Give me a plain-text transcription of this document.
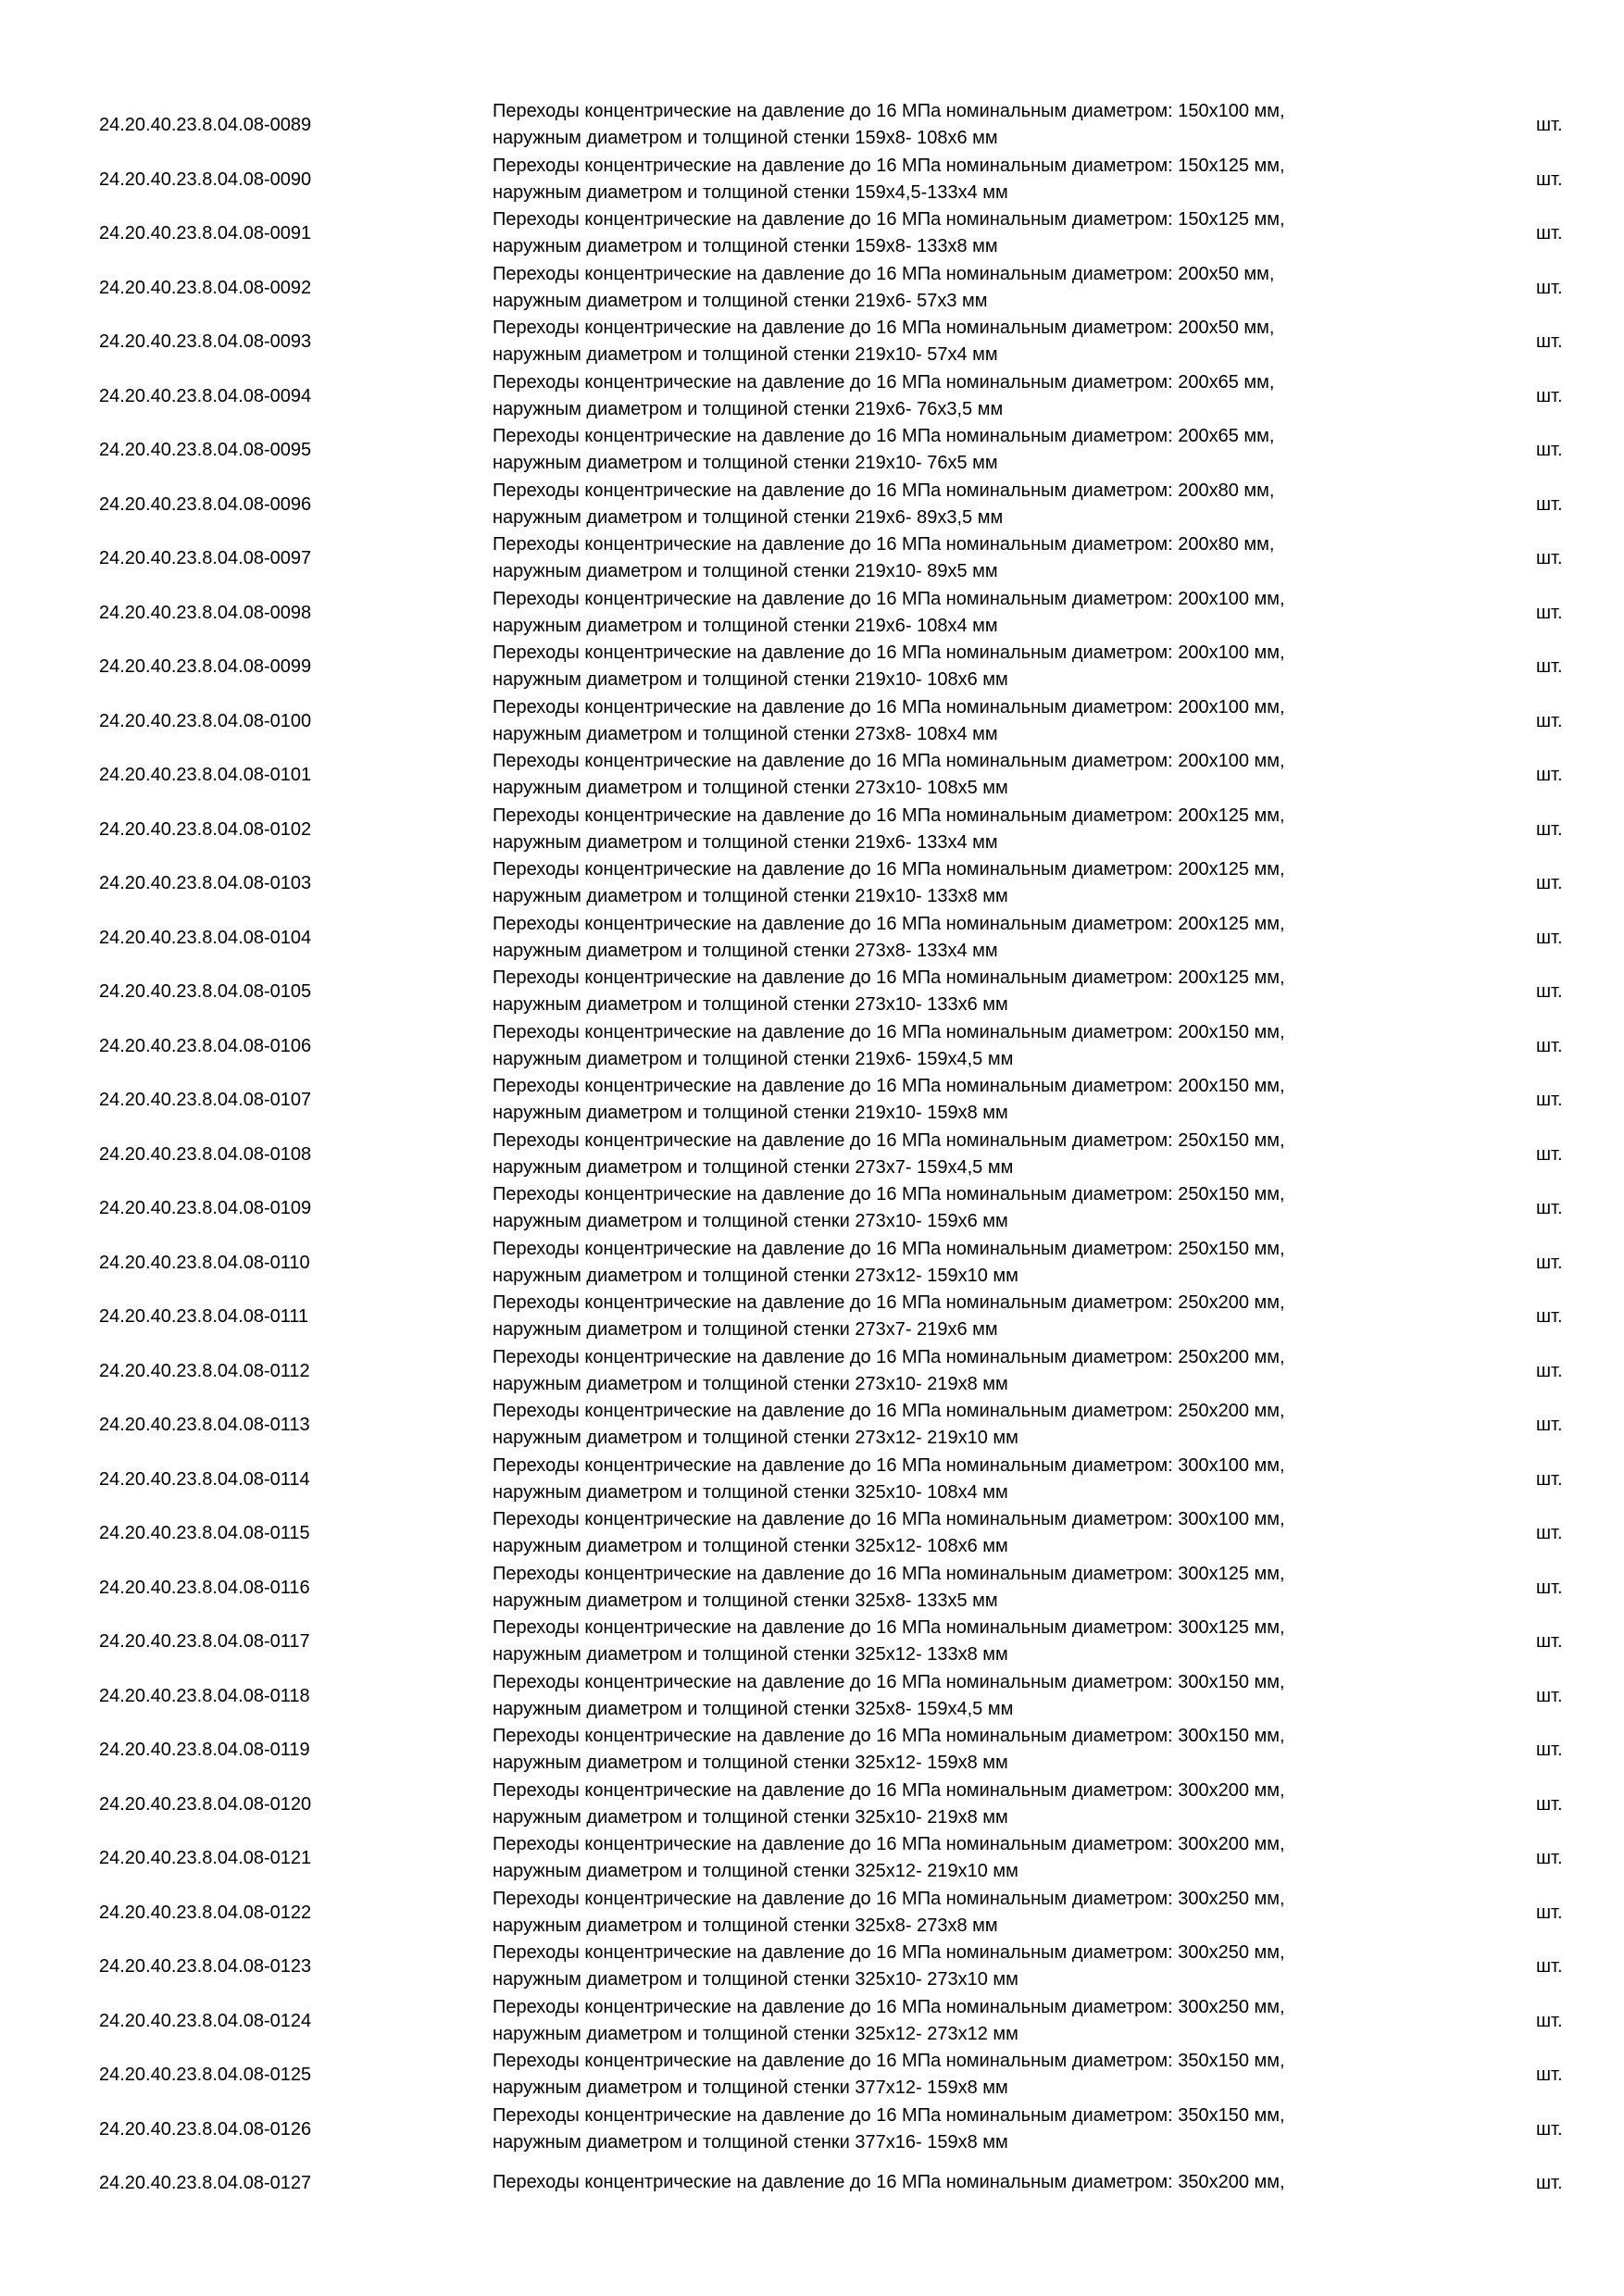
24.20.40.23.8.04.08-0089
Переходы концентрические на давление до 16 МПа номинальным диаметром: 150х100 мм,
наружным диаметром и толщиной стенки 159х8- 108х6 мм
шт.
24.20.40.23.8.04.08-0090
Переходы концентрические на давление до 16 МПа номинальным диаметром: 150х125 мм,
наружным диаметром и толщиной стенки 159х4,5-133х4 мм
шт.
24.20.40.23.8.04.08-0091
Переходы концентрические на давление до 16 МПа номинальным диаметром: 150х125 мм,
наружным диаметром и толщиной стенки 159х8- 133х8 мм
шт.
24.20.40.23.8.04.08-0092
Переходы концентрические на давление до 16 МПа номинальным диаметром: 200х50 мм,
наружным диаметром и толщиной стенки 219х6- 57х3 мм
шт.
24.20.40.23.8.04.08-0093
Переходы концентрические на давление до 16 МПа номинальным диаметром: 200х50 мм,
наружным диаметром и толщиной стенки 219х10- 57х4 мм
шт.
24.20.40.23.8.04.08-0094
Переходы концентрические на давление до 16 МПа номинальным диаметром: 200х65 мм,
наружным диаметром и толщиной стенки 219х6- 76х3,5 мм
шт.
24.20.40.23.8.04.08-0095
Переходы концентрические на давление до 16 МПа номинальным диаметром: 200х65 мм,
наружным диаметром и толщиной стенки 219х10- 76х5 мм
шт.
24.20.40.23.8.04.08-0096
Переходы концентрические на давление до 16 МПа номинальным диаметром: 200х80 мм,
наружным диаметром и толщиной стенки 219х6- 89х3,5 мм
шт.
24.20.40.23.8.04.08-0097
Переходы концентрические на давление до 16 МПа номинальным диаметром: 200х80 мм,
наружным диаметром и толщиной стенки 219х10- 89х5 мм
шт.
24.20.40.23.8.04.08-0098
Переходы концентрические на давление до 16 МПа номинальным диаметром: 200х100 мм,
наружным диаметром и толщиной стенки 219х6- 108х4 мм
шт.
24.20.40.23.8.04.08-0099
Переходы концентрические на давление до 16 МПа номинальным диаметром: 200х100 мм,
наружным диаметром и толщиной стенки 219х10- 108х6 мм
шт.
24.20.40.23.8.04.08-0100
Переходы концентрические на давление до 16 МПа номинальным диаметром: 200х100 мм,
наружным диаметром и толщиной стенки 273х8- 108х4 мм
шт.
24.20.40.23.8.04.08-0101
Переходы концентрические на давление до 16 МПа номинальным диаметром: 200х100 мм,
наружным диаметром и толщиной стенки 273х10- 108х5 мм
шт.
24.20.40.23.8.04.08-0102
Переходы концентрические на давление до 16 МПа номинальным диаметром: 200х125 мм,
наружным диаметром и толщиной стенки 219х6- 133х4 мм
шт.
24.20.40.23.8.04.08-0103
Переходы концентрические на давление до 16 МПа номинальным диаметром: 200х125 мм,
наружным диаметром и толщиной стенки 219х10- 133х8 мм
шт.
24.20.40.23.8.04.08-0104
Переходы концентрические на давление до 16 МПа номинальным диаметром: 200х125 мм,
наружным диаметром и толщиной стенки 273х8- 133х4 мм
шт.
24.20.40.23.8.04.08-0105
Переходы концентрические на давление до 16 МПа номинальным диаметром: 200х125 мм,
наружным диаметром и толщиной стенки 273х10- 133х6 мм
шт.
24.20.40.23.8.04.08-0106
Переходы концентрические на давление до 16 МПа номинальным диаметром: 200х150 мм,
наружным диаметром и толщиной стенки 219х6- 159х4,5 мм
шт.
24.20.40.23.8.04.08-0107
Переходы концентрические на давление до 16 МПа номинальным диаметром: 200х150 мм,
наружным диаметром и толщиной стенки 219х10- 159х8 мм
шт.
24.20.40.23.8.04.08-0108
Переходы концентрические на давление до 16 МПа номинальным диаметром: 250х150 мм,
наружным диаметром и толщиной стенки 273х7- 159х4,5 мм
шт.
24.20.40.23.8.04.08-0109
Переходы концентрические на давление до 16 МПа номинальным диаметром: 250х150 мм,
наружным диаметром и толщиной стенки 273х10- 159х6 мм
шт.
24.20.40.23.8.04.08-0110
Переходы концентрические на давление до 16 МПа номинальным диаметром: 250х150 мм,
наружным диаметром и толщиной стенки 273х12- 159х10 мм
шт.
24.20.40.23.8.04.08-0111
Переходы концентрические на давление до 16 МПа номинальным диаметром: 250х200 мм,
наружным диаметром и толщиной стенки 273х7- 219х6 мм
шт.
24.20.40.23.8.04.08-0112
Переходы концентрические на давление до 16 МПа номинальным диаметром: 250х200 мм,
наружным диаметром и толщиной стенки 273х10- 219х8 мм
шт.
24.20.40.23.8.04.08-0113
Переходы концентрические на давление до 16 МПа номинальным диаметром: 250х200 мм,
наружным диаметром и толщиной стенки 273х12- 219х10 мм
шт.
24.20.40.23.8.04.08-0114
Переходы концентрические на давление до 16 МПа номинальным диаметром: 300х100 мм,
наружным диаметром и толщиной стенки 325х10- 108х4 мм
шт.
24.20.40.23.8.04.08-0115
Переходы концентрические на давление до 16 МПа номинальным диаметром: 300х100 мм,
наружным диаметром и толщиной стенки 325х12- 108х6 мм
шт.
24.20.40.23.8.04.08-0116
Переходы концентрические на давление до 16 МПа номинальным диаметром: 300х125 мм,
наружным диаметром и толщиной стенки 325х8- 133х5 мм
шт.
24.20.40.23.8.04.08-0117
Переходы концентрические на давление до 16 МПа номинальным диаметром: 300х125 мм,
наружным диаметром и толщиной стенки 325х12- 133х8 мм
шт.
24.20.40.23.8.04.08-0118
Переходы концентрические на давление до 16 МПа номинальным диаметром: 300х150 мм,
наружным диаметром и толщиной стенки 325х8- 159х4,5 мм
шт.
24.20.40.23.8.04.08-0119
Переходы концентрические на давление до 16 МПа номинальным диаметром: 300х150 мм,
наружным диаметром и толщиной стенки 325х12- 159х8 мм
шт.
24.20.40.23.8.04.08-0120
Переходы концентрические на давление до 16 МПа номинальным диаметром: 300х200 мм,
наружным диаметром и толщиной стенки 325х10- 219х8 мм
шт.
24.20.40.23.8.04.08-0121
Переходы концентрические на давление до 16 МПа номинальным диаметром: 300х200 мм,
наружным диаметром и толщиной стенки 325х12- 219х10 мм
шт.
24.20.40.23.8.04.08-0122
Переходы концентрические на давление до 16 МПа номинальным диаметром: 300х250 мм,
наружным диаметром и толщиной стенки 325х8- 273х8 мм
шт.
24.20.40.23.8.04.08-0123
Переходы концентрические на давление до 16 МПа номинальным диаметром: 300х250 мм,
наружным диаметром и толщиной стенки 325х10- 273х10 мм
шт.
24.20.40.23.8.04.08-0124
Переходы концентрические на давление до 16 МПа номинальным диаметром: 300х250 мм,
наружным диаметром и толщиной стенки 325х12- 273х12 мм
шт.
24.20.40.23.8.04.08-0125
Переходы концентрические на давление до 16 МПа номинальным диаметром: 350х150 мм,
наружным диаметром и толщиной стенки 377х12- 159х8 мм
шт.
24.20.40.23.8.04.08-0126
Переходы концентрические на давление до 16 МПа номинальным диаметром: 350х150 мм,
наружным диаметром и толщиной стенки 377х16- 159х8 мм
шт.
24.20.40.23.8.04.08-0127	Переходы концентрические на давление до 16 МПа номинальным диаметром: 350х200 мм,	шт.
